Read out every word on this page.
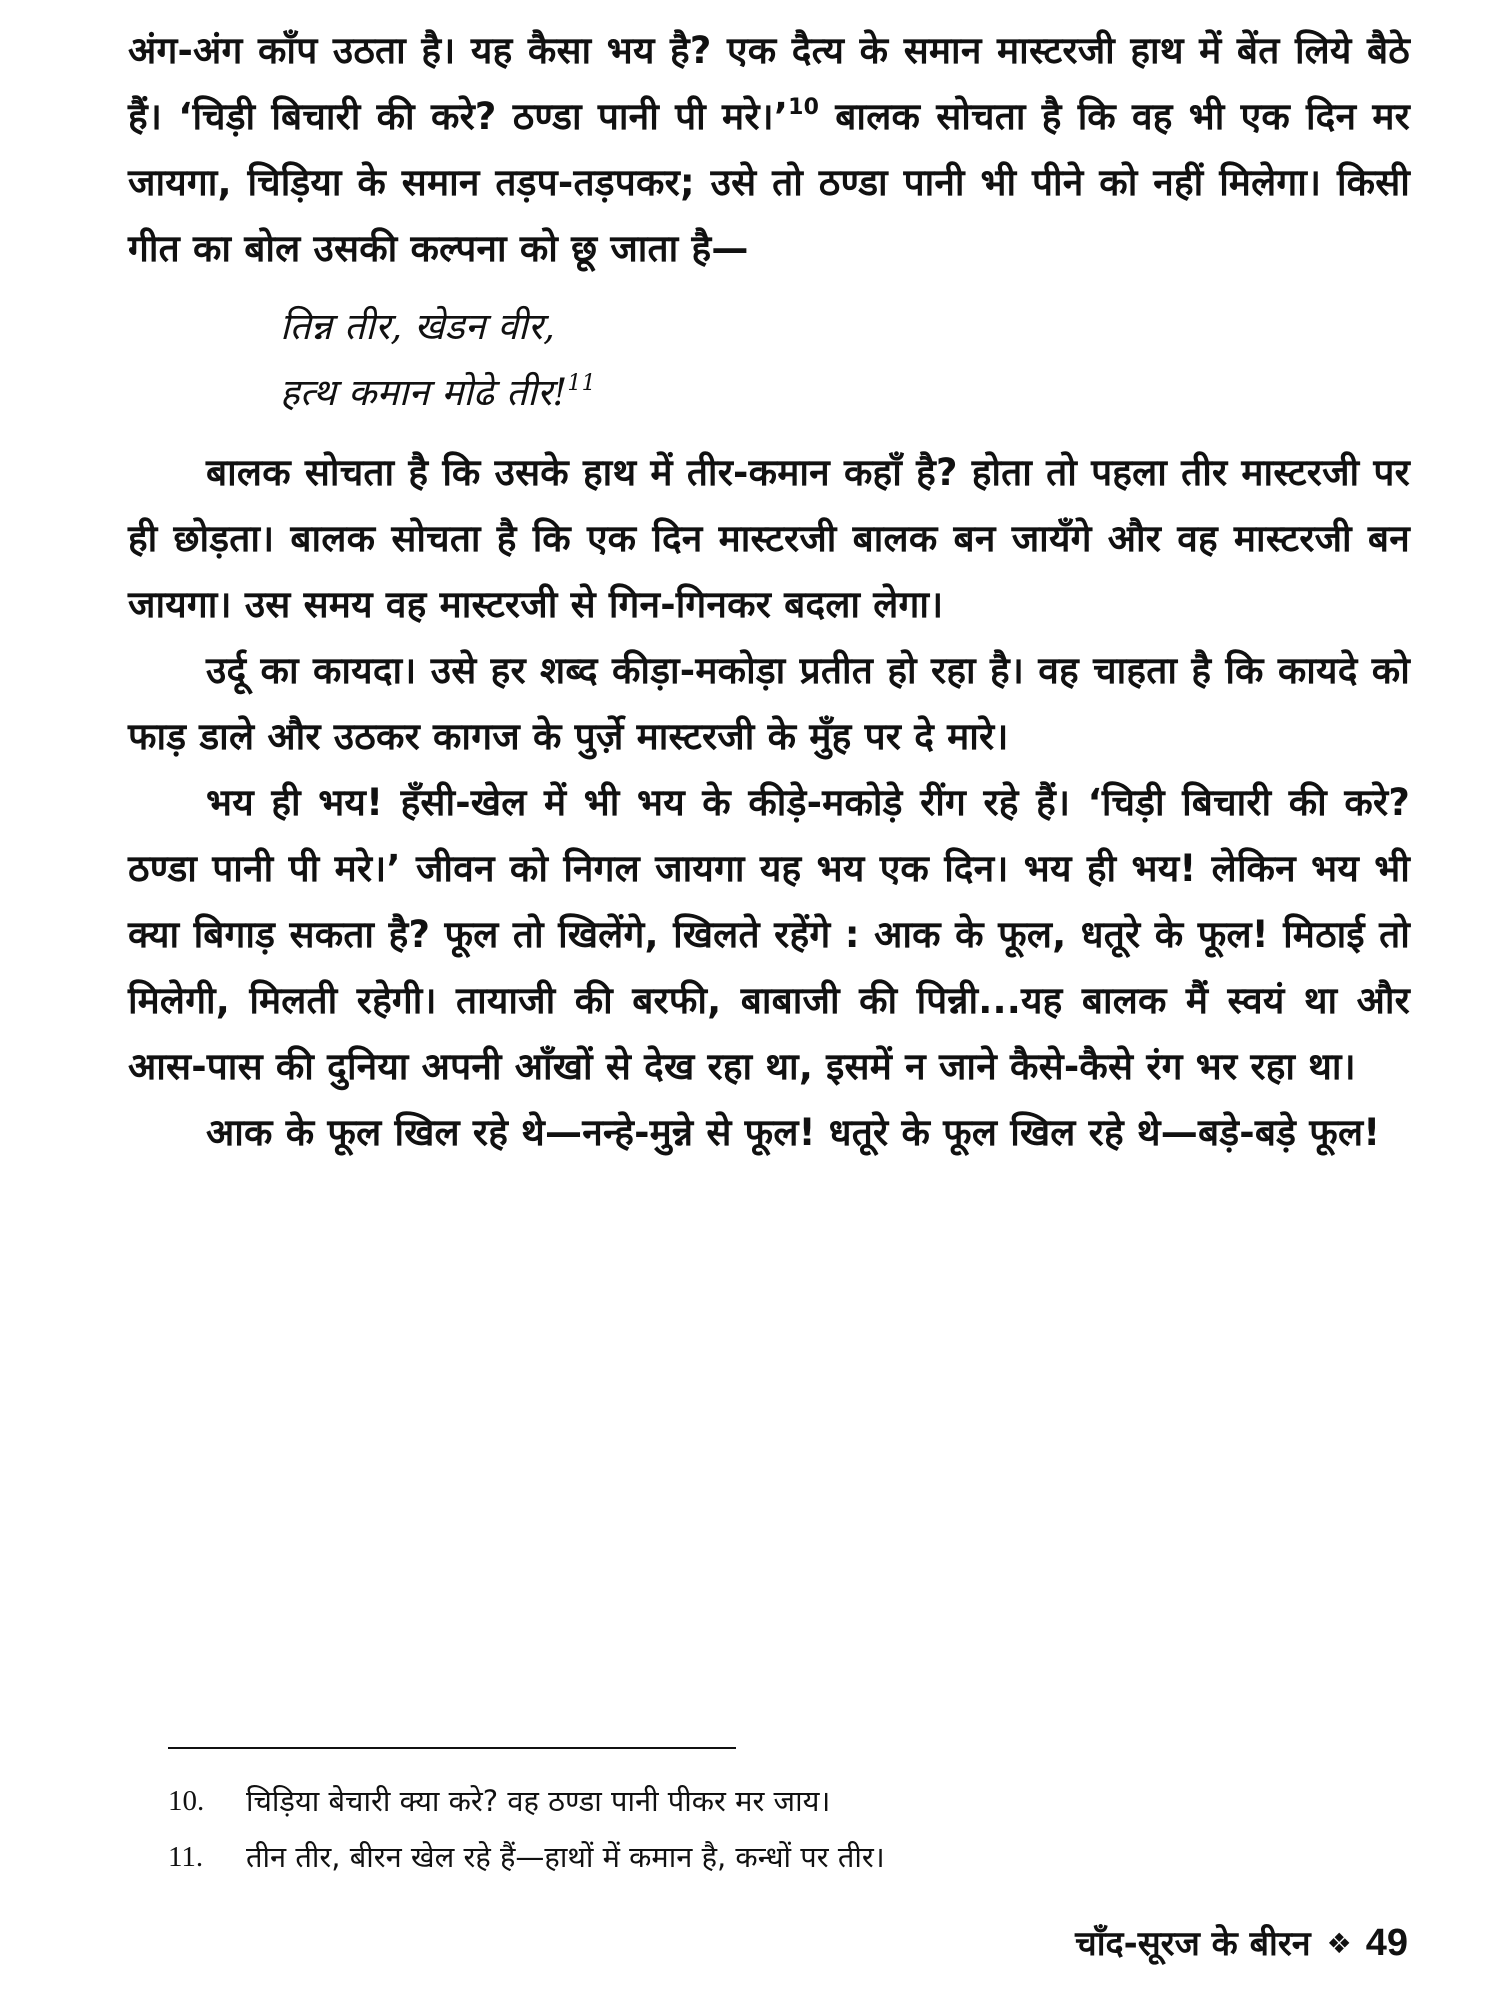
अंग-अंग काँप उठता है। यह कैसा भय है? एक दैत्य के समान मास्टरजी हाथ में बेंत लिये बैठे हैं। ‘चिड़ी बिचारी की करे? ठण्डा पानी पी मरे।’$^{10}$ बालक सोचता है कि वह भी एक दिन मर जायगा, चिड़िया के समान तड़प-तड़पकर; उसे तो ठण्डा पानी भी पीने को नहीं मिलेगा। किसी गीत का बोल उसकी कल्पना को छू जाता है—

तिन्न तीर, खेडन वीर,
हत्थ कमान मोढे तीर!$^{11}$

बालक सोचता है कि उसके हाथ में तीर-कमान कहाँ है? होता तो पहला तीर मास्टरजी पर ही छोड़ता। बालक सोचता है कि एक दिन मास्टरजी बालक बन जायँगे और वह मास्टरजी बन जायगा। उस समय वह मास्टरजी से गिन-गिनकर बदला लेगा।

उर्दू का कायदा। उसे हर शब्द कीड़ा-मकोड़ा प्रतीत हो रहा है। वह चाहता है कि कायदे को फाड़ डाले और उठकर कागज के पुर्ज़े मास्टरजी के मुँह पर दे मारे।

भय ही भय! हँसी-खेल में भी भय के कीड़े-मकोड़े रींग रहे हैं। ‘चिड़ी बिचारी की करे? ठण्डा पानी पी मरे।’ जीवन को निगल जायगा यह भय एक दिन। भय ही भय! लेकिन भय भी क्या बिगाड़ सकता है? फूल तो खिलेंगे, खिलते रहेंगे : आक के फूल, धतूरे के फूल! मिठाई तो मिलेगी, मिलती रहेगी। तायाजी की बरफी, बाबाजी की पिन्नी...यह बालक मैं स्वयं था और आस-पास की दुनिया अपनी आँखों से देख रहा था, इसमें न जाने कैसे-कैसे रंग भर रहा था।

आक के फूल खिल रहे थे—नन्हे-मुन्ने से फूल! धतूरे के फूल खिल रहे थे—बड़े-बड़े फूल!

10.	चिड़िया बेचारी क्या करे? वह ठण्डा पानी पीकर मर जाय।
11.	तीन तीर, बीरन खेल रहे हैं—हाथों में कमान है, कन्धों पर तीर।
चाँद-सूरज के बीरन ❖ 49
